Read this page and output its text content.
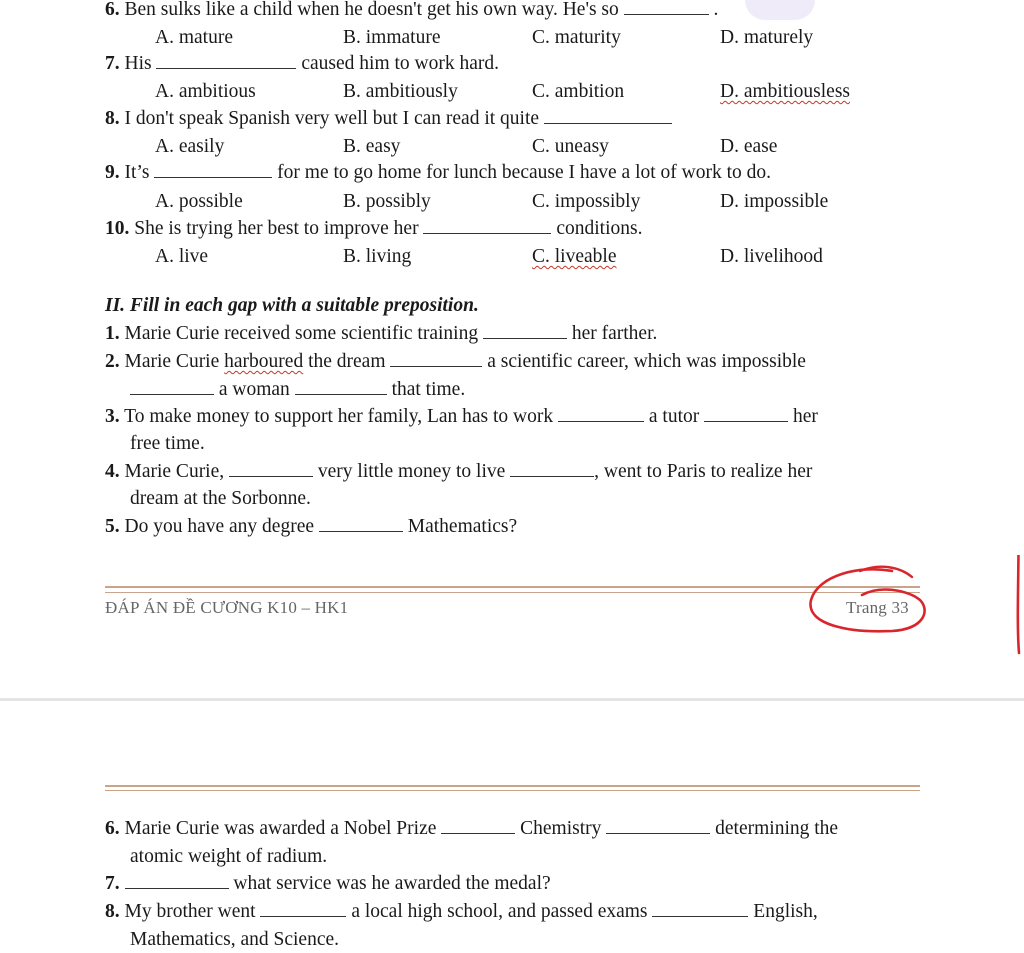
6. Ben sulks like a child when he doesn't get his own way. He's so	.
A. mature	B. immature	C. maturity	D. maturely
7. His	caused him to work hard.
A. ambitious	B. ambitiously	C. ambition	D. ambitiousless
8. I don't speak Spanish very well but I can read it quite
A. easily	B. easy	C. uneasy	D. ease
9. It’s	for me to go home for lunch because I have a lot of work to do.
A. possible	B. possibly	C. impossibly	D. impossible
10. She is trying her best to improve her	conditions.
A. live	B. living	C. liveable	D. livelihood
II. Fill in each gap with a suitable preposition.
1. Marie Curie received some scientific training	her farther.
2. Marie Curie harboured the dream	a scientific career, which was impossible
a woman	that time.
3. To make money to support her family, Lan has to work	a tutor	her
free time.
4. Marie Curie,	very little money to live	, went to Paris to realize her
dream at the Sorbonne.
5. Do you have any degree	Mathematics?
ĐÁP ÁN ĐỀ CƯƠNG K10 – HK1	Trang 33
6. Marie Curie was awarded a Nobel Prize	Chemistry	determining the
atomic weight of radium.
7.	what service was he awarded the medal?
8. My brother went	a local high school, and passed exams	English,
Mathematics, and Science.
